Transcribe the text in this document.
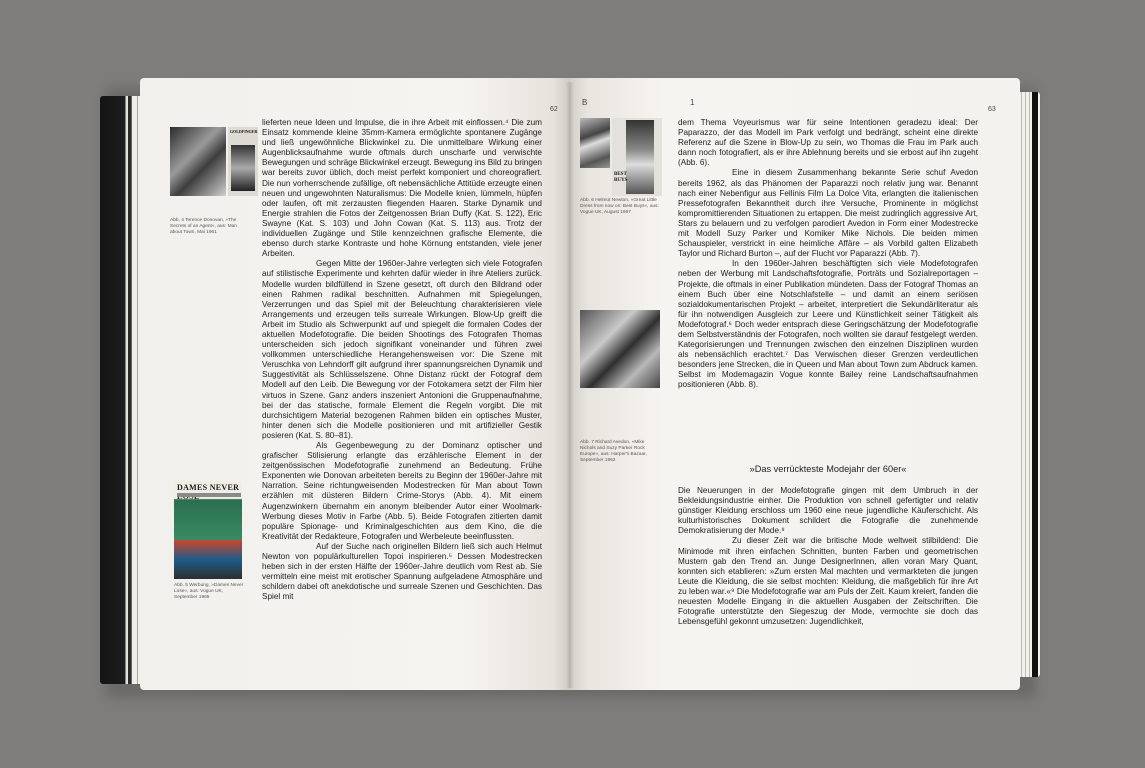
62
GOLDFINGER
Abb. 4 Terence Donovan, »The Secrets of an Agent«, aus: Man about Town, Mai 1961
DAMES NEVER
Abb. 5 Werbung, »Dames Never Lose«, aus: Vogue UK, September 1965

lieferten neue Ideen und Impulse, die in ihre Arbeit mit einflossen.⁴ Die zum Einsatz kommende kleine 35mm-Kamera ermöglichte spontanere Zugänge und ließ ungewöhnliche Blickwinkel zu. Die unmittelbare Wirkung einer Augenblicksaufnahme wurde oftmals durch unscharfe und verwischte Bewegungen und schräge Blickwinkel erzeugt. Bewegung ins Bild zu bringen war bereits zuvor üblich, doch meist perfekt komponiert und choreografiert. Die nun vorherrschende zufällige, oft nebensächliche Attitüde erzeugte einen neuen und ungewohnten Naturalismus: Die Modelle knien, lümmeln, hüpfen oder laufen, oft mit zerzausten fliegenden Haaren. Starke Dynamik und Energie strahlen die Fotos der Zeitgenossen Brian Duffy (Kat. S. 122), Eric Swayne (Kat. S. 103) und John Cowan (Kat. S. 113) aus. Trotz der individuellen Zugänge und Stile kennzeichnen grafische Elemente, die ebenso durch starke Kontraste und hohe Körnung entstanden, viele jener Arbeiten.

Gegen Mitte der 1960er-Jahre verlegten sich viele Fotografen auf stilistische Experimente und kehrten dafür wieder in ihre Ateliers zurück. Modelle wurden bildfüllend in Szene gesetzt, oft durch den Bildrand oder einen Rahmen radikal beschnitten. Aufnahmen mit Spiegelungen, Verzerrungen und das Spiel mit der Beleuchtung charakterisieren viele Arrangements und erzeugen teils surreale Wirkungen. Blow-Up greift die Arbeit im Studio als Schwerpunkt auf und spiegelt die formalen Codes der aktuellen Modefotografie. Die beiden Shootings des Fotografen Thomas unterscheiden sich jedoch signifikant voneinander und führen zwei vollkommen unterschiedliche Herangehensweisen vor: Die Szene mit Veruschka von Lehndorff gilt aufgrund ihrer spannungsreichen Dynamik und Suggestivität als Schlüsselszene. Ohne Distanz rückt der Fotograf dem Modell auf den Leib. Die Bewegung vor der Fotokamera setzt der Film hier virtuos in Szene. Ganz anders inszeniert Antonioni die Gruppenaufnahme, bei der das statische, formale Element die Regeln vorgibt. Die mit durchsichtigem Material bezogenen Rahmen bilden ein optisches Muster, hinter denen sich die Modelle positionieren und mit artifizieller Gestik posieren (Kat. S. 80–81).

Als Gegenbewegung zu der Dominanz optischer und grafischer Stilisierung erlangte das erzählerische Element in der zeitgenössischen Modefotografie zunehmend an Bedeutung. Frühe Exponenten wie Donovan arbeiteten bereits zu Beginn der 1960er-Jahre mit Narration. Seine richtungweisenden Modestrecken für Man about Town erzählen mit düsteren Bildern Crime-Storys (Abb. 4). Mit einem Augenzwinkern übernahm ein anonym bleibender Autor einer Woolmark-Werbung dieses Motiv in Farbe (Abb. 5). Beide Fotografen zitierten damit populäre Spionage- und Kriminalgeschichten aus dem Kino, die die Kreativität der Redakteure, Fotografen und Werbeleute beeinflussten.

Auf der Suche nach originellen Bildern ließ sich auch Helmut Newton von populärkulturellen Topoi inspirieren.⁵ Dessen Modestrecken heben sich in der ersten Hälfte der 1960er-Jahre deutlich vom Rest ab. Sie vermitteln eine meist mit erotischer Spannung aufgeladene Atmosphäre und schildern dabei oft anekdotische und surreale Szenen und Geschichten. Das Spiel mit

B	1
63
BEST BUYS
Abb. 6 Helmut Newton, »Great Little Dress from now on: Best Buys«, aus: Vogue UK, August 1967
Abb. 7 Richard Avedon, »Mike Nichols and Suzy Parker Rock Europe«, aus: Harper's Bazaar, September 1962

dem Thema Voyeurismus war für seine Intentionen geradezu ideal: Der Paparazzo, der das Modell im Park verfolgt und bedrängt, scheint eine direkte Referenz auf die Szene in Blow-Up zu sein, wo Thomas die Frau im Park auch dann noch fotografiert, als er ihre Ablehnung bereits und sie erbost auf ihn zugeht (Abb. 6).

Eine in diesem Zusammenhang bekannte Serie schuf Avedon bereits 1962, als das Phänomen der Paparazzi noch relativ jung war. Benannt nach einer Nebenfigur aus Fellinis Film La Dolce Vita, erlangten die italienischen Pressefotografen Bekanntheit durch ihre Versuche, Prominente in möglichst kompromittierenden Situationen zu ertappen. Die meist zudringlich aggressive Art, Stars zu belauern und zu verfolgen parodiert Avedon in Form einer Modestrecke mit Modell Suzy Parker und Komiker Mike Nichols. Die beiden mimen Schauspieler, verstrickt in eine heimliche Affäre – als Vorbild galten Elizabeth Taylor und Richard Burton –, auf der Flucht vor Paparazzi (Abb. 7).

In den 1960er-Jahren beschäftigten sich viele Modefotografen neben der Werbung mit Landschaftsfotografie, Porträts und Sozialreportagen – Projekte, die oftmals in einer Publikation mündeten. Dass der Fotograf Thomas an einem Buch über eine Notschlafstelle – und damit an einem seriösen sozialdokumentarischen Projekt – arbeitet, interpretiert die Sekundärliteratur als für ihn notwendigen Ausgleich zur Leere und Künstlichkeit seiner Tätigkeit als Modefotograf.⁶ Doch weder entsprach diese Geringschätzung der Modefotografie dem Selbstverständnis der Fotografen, noch wollten sie darauf festgelegt werden. Kategorisierungen und Trennungen zwischen den einzelnen Disziplinen wurden als nebensächlich erachtet.⁷ Das Verwischen dieser Grenzen verdeutlichen besonders jene Strecken, die in Queen und Man about Town zum Abdruck kamen. Selbst im Modemagazin Vogue konnte Bailey reine Landschaftsaufnahmen positionieren (Abb. 8).

»Das verrückteste Modejahr der 60er«

Die Neuerungen in der Modefotografie gingen mit dem Umbruch in der Bekleidungsindustrie einher. Die Produktion von schnell gefertigter und relativ günstiger Kleidung erschloss um 1960 eine neue jugendliche Käuferschicht. Als kulturhistorisches Dokument schildert die Fotografie die zunehmende Demokratisierung der Mode.⁸

Zu dieser Zeit war die britische Mode weltweit stilbildend: Die Minimode mit ihren einfachen Schnitten, bunten Farben und geometrischen Mustern gab den Trend an. Junge DesignerInnen, allen voran Mary Quant, konnten sich etablieren: »Zum ersten Mal machten und vermarkteten die jungen Leute die Kleidung, die sie selbst mochten: Kleidung, die maßgeblich für ihre Art zu leben war.«⁹ Die Modefotografie war am Puls der Zeit. Kaum kreiert, fanden die neuesten Modelle Eingang in die aktuellen Ausgaben der Zeitschriften. Die Fotografie unterstützte den Siegeszug der Mode, vermochte sie doch das Lebensgefühl gekonnt umzusetzen: Jugendlichkeit,
